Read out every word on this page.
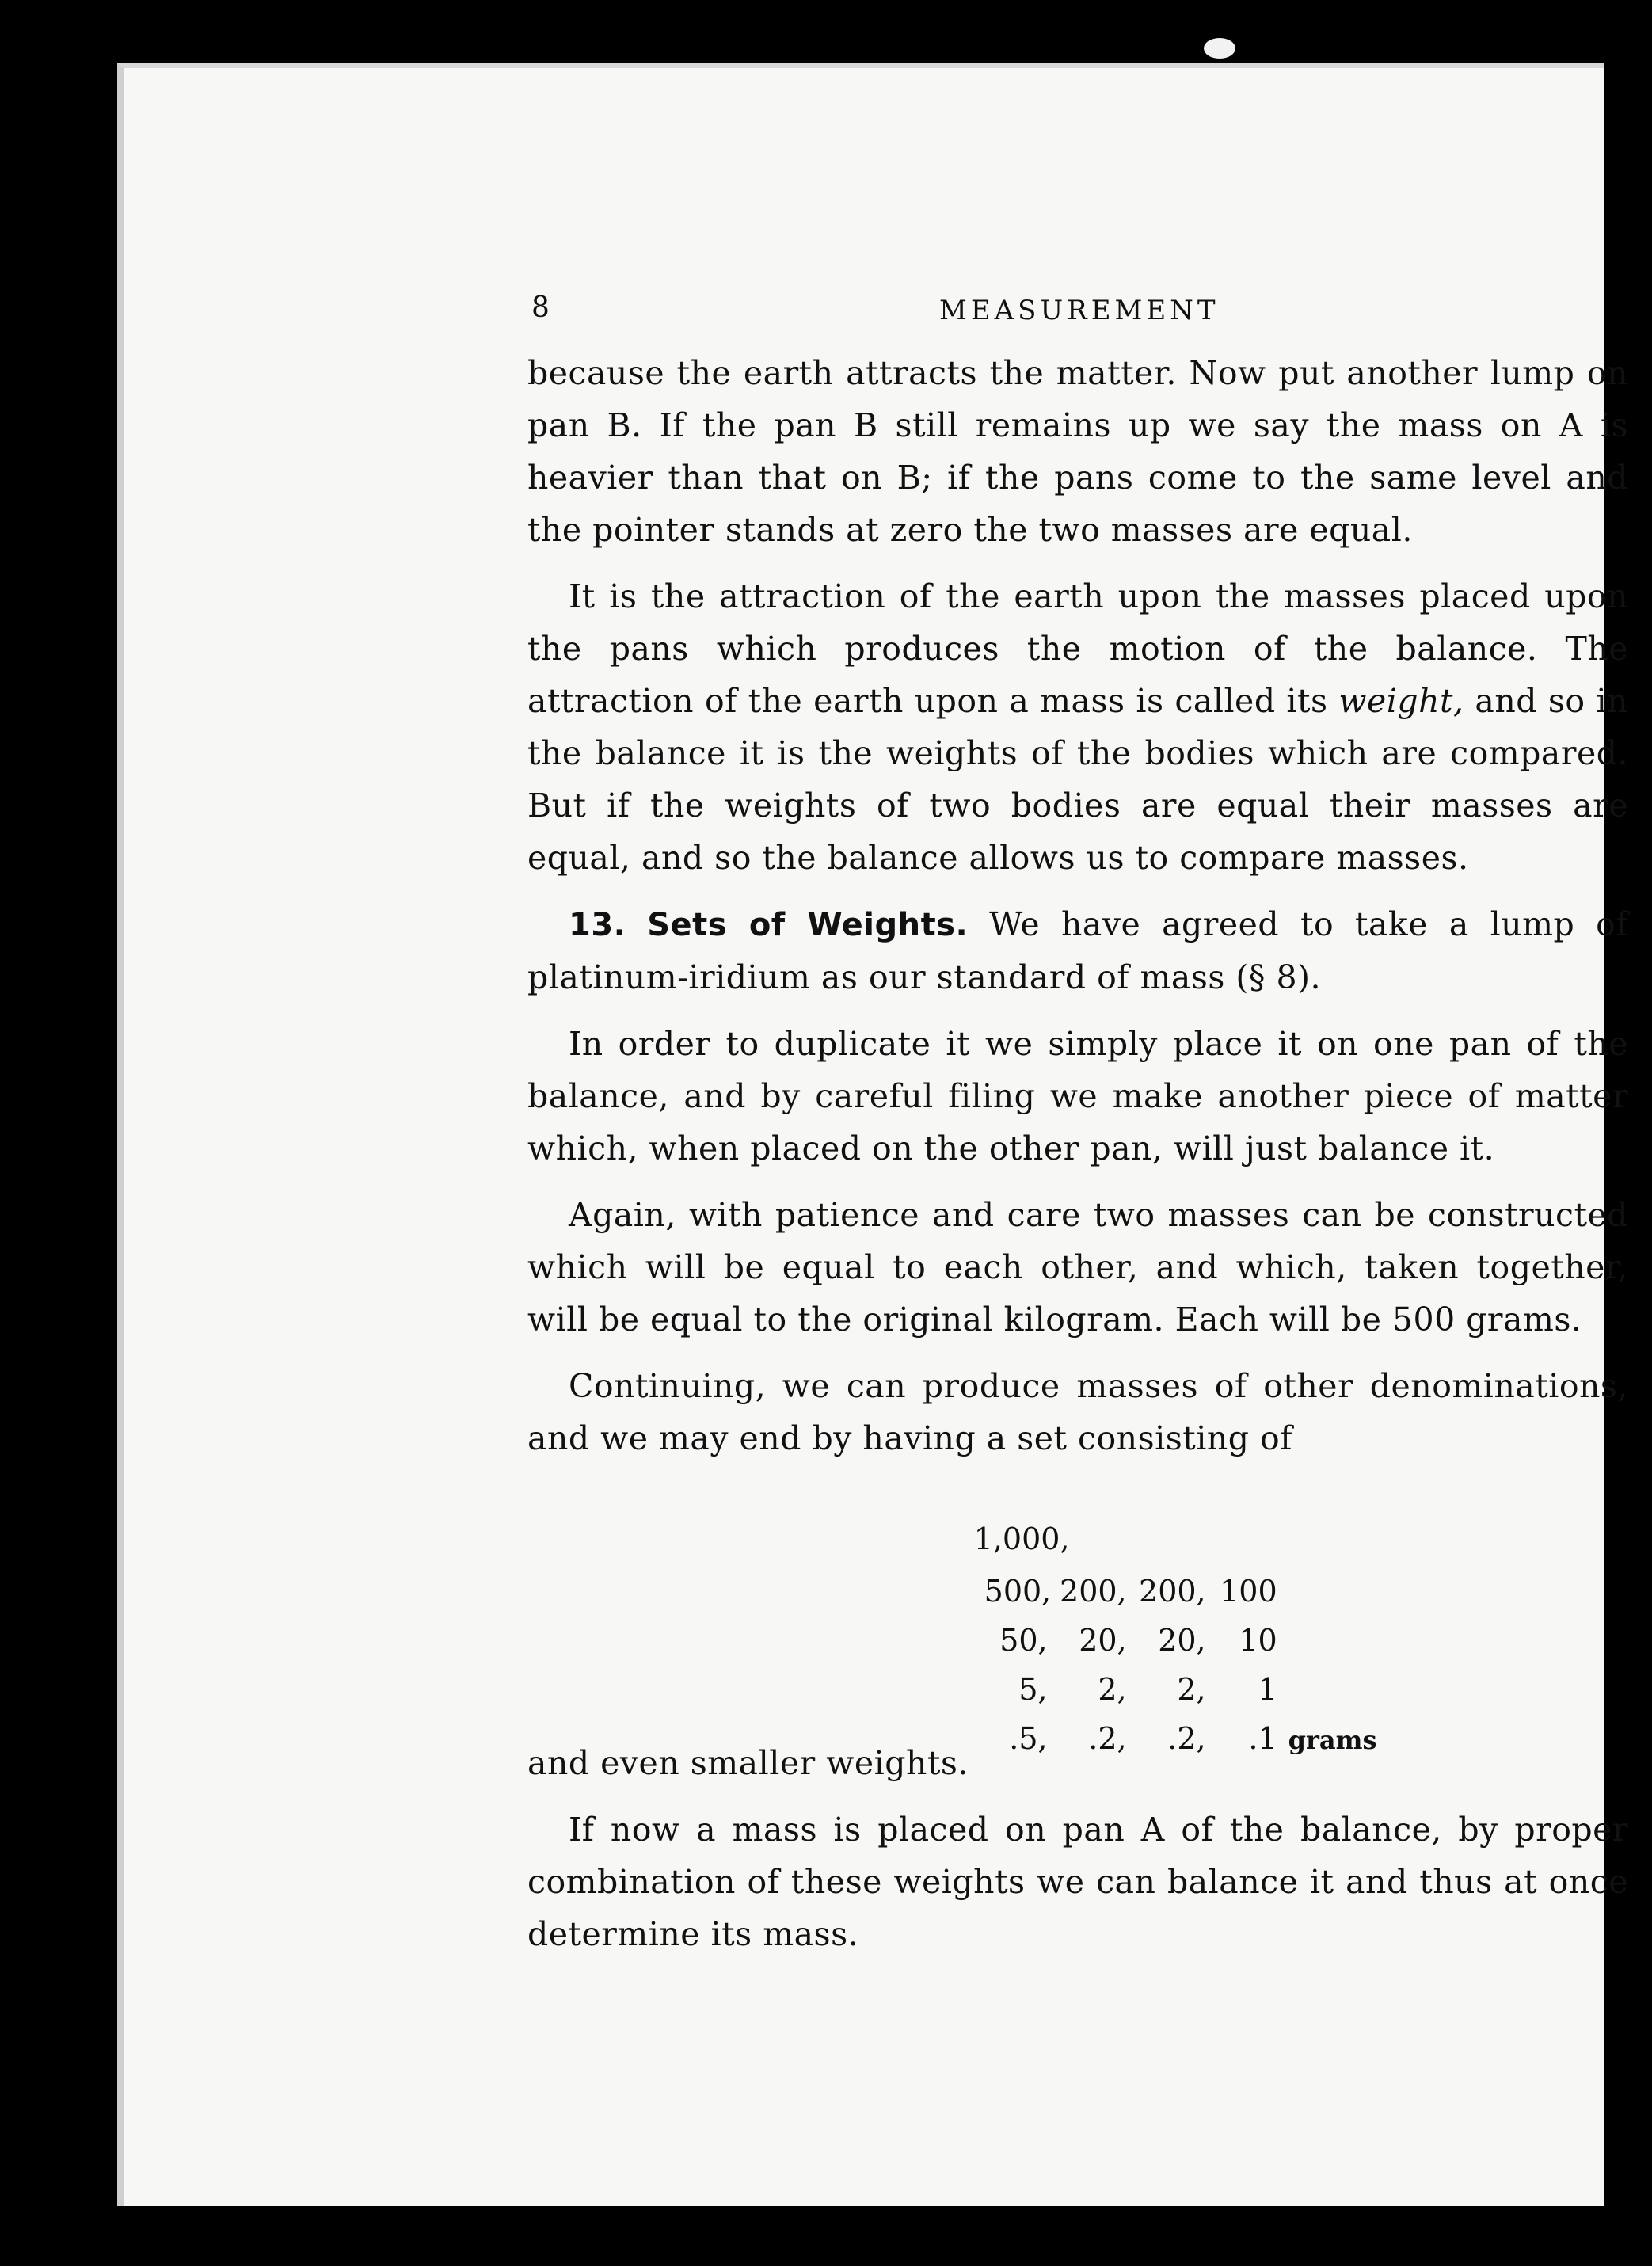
8	MEASUREMENT

because the earth attracts the matter. Now put another lump on pan B. If the pan B still remains up we say the mass on A is heavier than that on B; if the pans come to the same level and the pointer stands at zero the two masses are equal.

It is the attraction of the earth upon the masses placed upon the pans which produces the motion of the balance. The attraction of the earth upon a mass is called its weight, and so in the balance it is the weights of the bodies which are compared. But if the weights of two bodies are equal their masses are equal, and so the balance allows us to compare masses.

13. Sets of Weights. We have agreed to take a lump of platinum-iridium as our standard of mass (§ 8).

In order to duplicate it we simply place it on one pan of the balance, and by careful filing we make another piece of matter which, when placed on the other pan, will just balance it.

Again, with patience and care two masses can be constructed which will be equal to each other, and which, taken together, will be equal to the original kilogram. Each will be 500 grams.

Continuing, we can produce masses of other denominations, and we may end by having a set consisting of

1,000,

500, 200, 200, 100

50, 20, 20, 10

5, 2, 2, 1

.5, .2, .2, .1 grams

and even smaller weights.

If now a mass is placed on pan A of the balance, by proper combination of these weights we can balance it and thus at once determine its mass.
